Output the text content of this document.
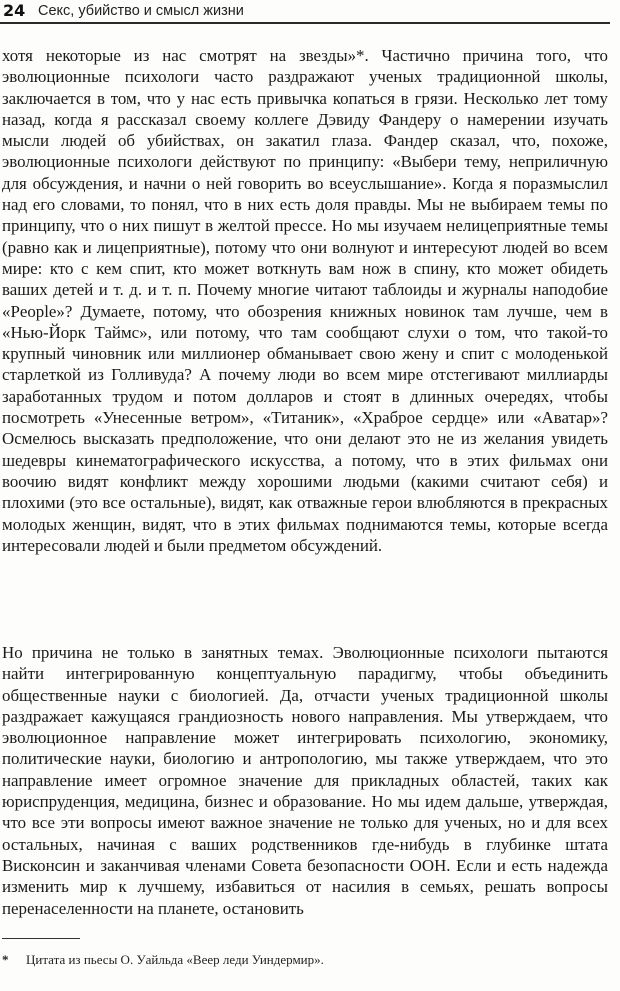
24 Секс, убийство и смысл жизни

хотя некоторые из нас смотрят на звезды»*. Частично причина того, что эволюционные психологи часто раздражают ученых традиционной школы, заключается в том, что у нас есть привычка копаться в грязи. Несколько лет тому назад, когда я рассказал своему коллеге Дэвиду Фандеру о намерении изучать мысли людей об убийствах, он закатил глаза. Фандер сказал, что, похоже, эволюционные психологи действуют по принципу: «Выбери тему, неприличную для обсуждения, и начни о ней говорить во всеуслышание». Когда я поразмыслил над его словами, то понял, что в них есть доля правды. Мы не выбираем темы по принципу, что о них пишут в желтой прессе. Но мы изучаем нелицеприятные темы (равно как и лицеприятные), потому что они волнуют и интересуют людей во всем мире: кто с кем спит, кто может воткнуть вам нож в спину, кто может обидеть ваших детей и т. д. и т. п. Почему многие читают таблоиды и журналы наподобие «People»? Думаете, потому, что обозрения книжных новинок там лучше, чем в «Нью-Йорк Таймс», или потому, что там сообщают слухи о том, что такой-то крупный чиновник или миллионер обманывает свою жену и спит с молоденькой старлеткой из Голливуда? А почему люди во всем мире отстегивают миллиарды заработанных трудом и потом долларов и стоят в длинных очередях, чтобы посмотреть «Унесенные ветром», «Титаник», «Храброе сердце» или «Аватар»? Осмелюсь высказать предположение, что они делают это не из желания увидеть шедевры кинематографического искусства, а потому, что в этих фильмах они воочию видят конфликт между хорошими людьми (какими считают себя) и плохими (это все остальные), видят, как отважные герои влюбляются в прекрасных молодых женщин, видят, что в этих фильмах поднимаются темы, которые всегда интересовали людей и были предметом обсуждений.

Но причина не только в занятных темах. Эволюционные психологи пытаются найти интегрированную концептуальную парадигму, чтобы объединить общественные науки с биологией. Да, отчасти ученых традиционной школы раздражает кажущаяся грандиозность нового направления. Мы утверждаем, что эволюционное направление может интегрировать психологию, экономику, политические науки, биологию и антропологию, мы также утверждаем, что это направление имеет огромное значение для прикладных областей, таких как юриспруденция, медицина, бизнес и образование. Но мы идем дальше, утверждая, что все эти вопросы имеют важное значение не только для ученых, но и для всех остальных, начиная с ваших родственников где-нибудь в глубинке штата Висконсин и заканчивая членами Совета безопасности ООН. Если и есть надежда изменить мир к лучшему, избавиться от насилия в семьях, решать вопросы перенаселенности на планете, остановить

* Цитата из пьесы О. Уайльда «Веер леди Уиндермир».
